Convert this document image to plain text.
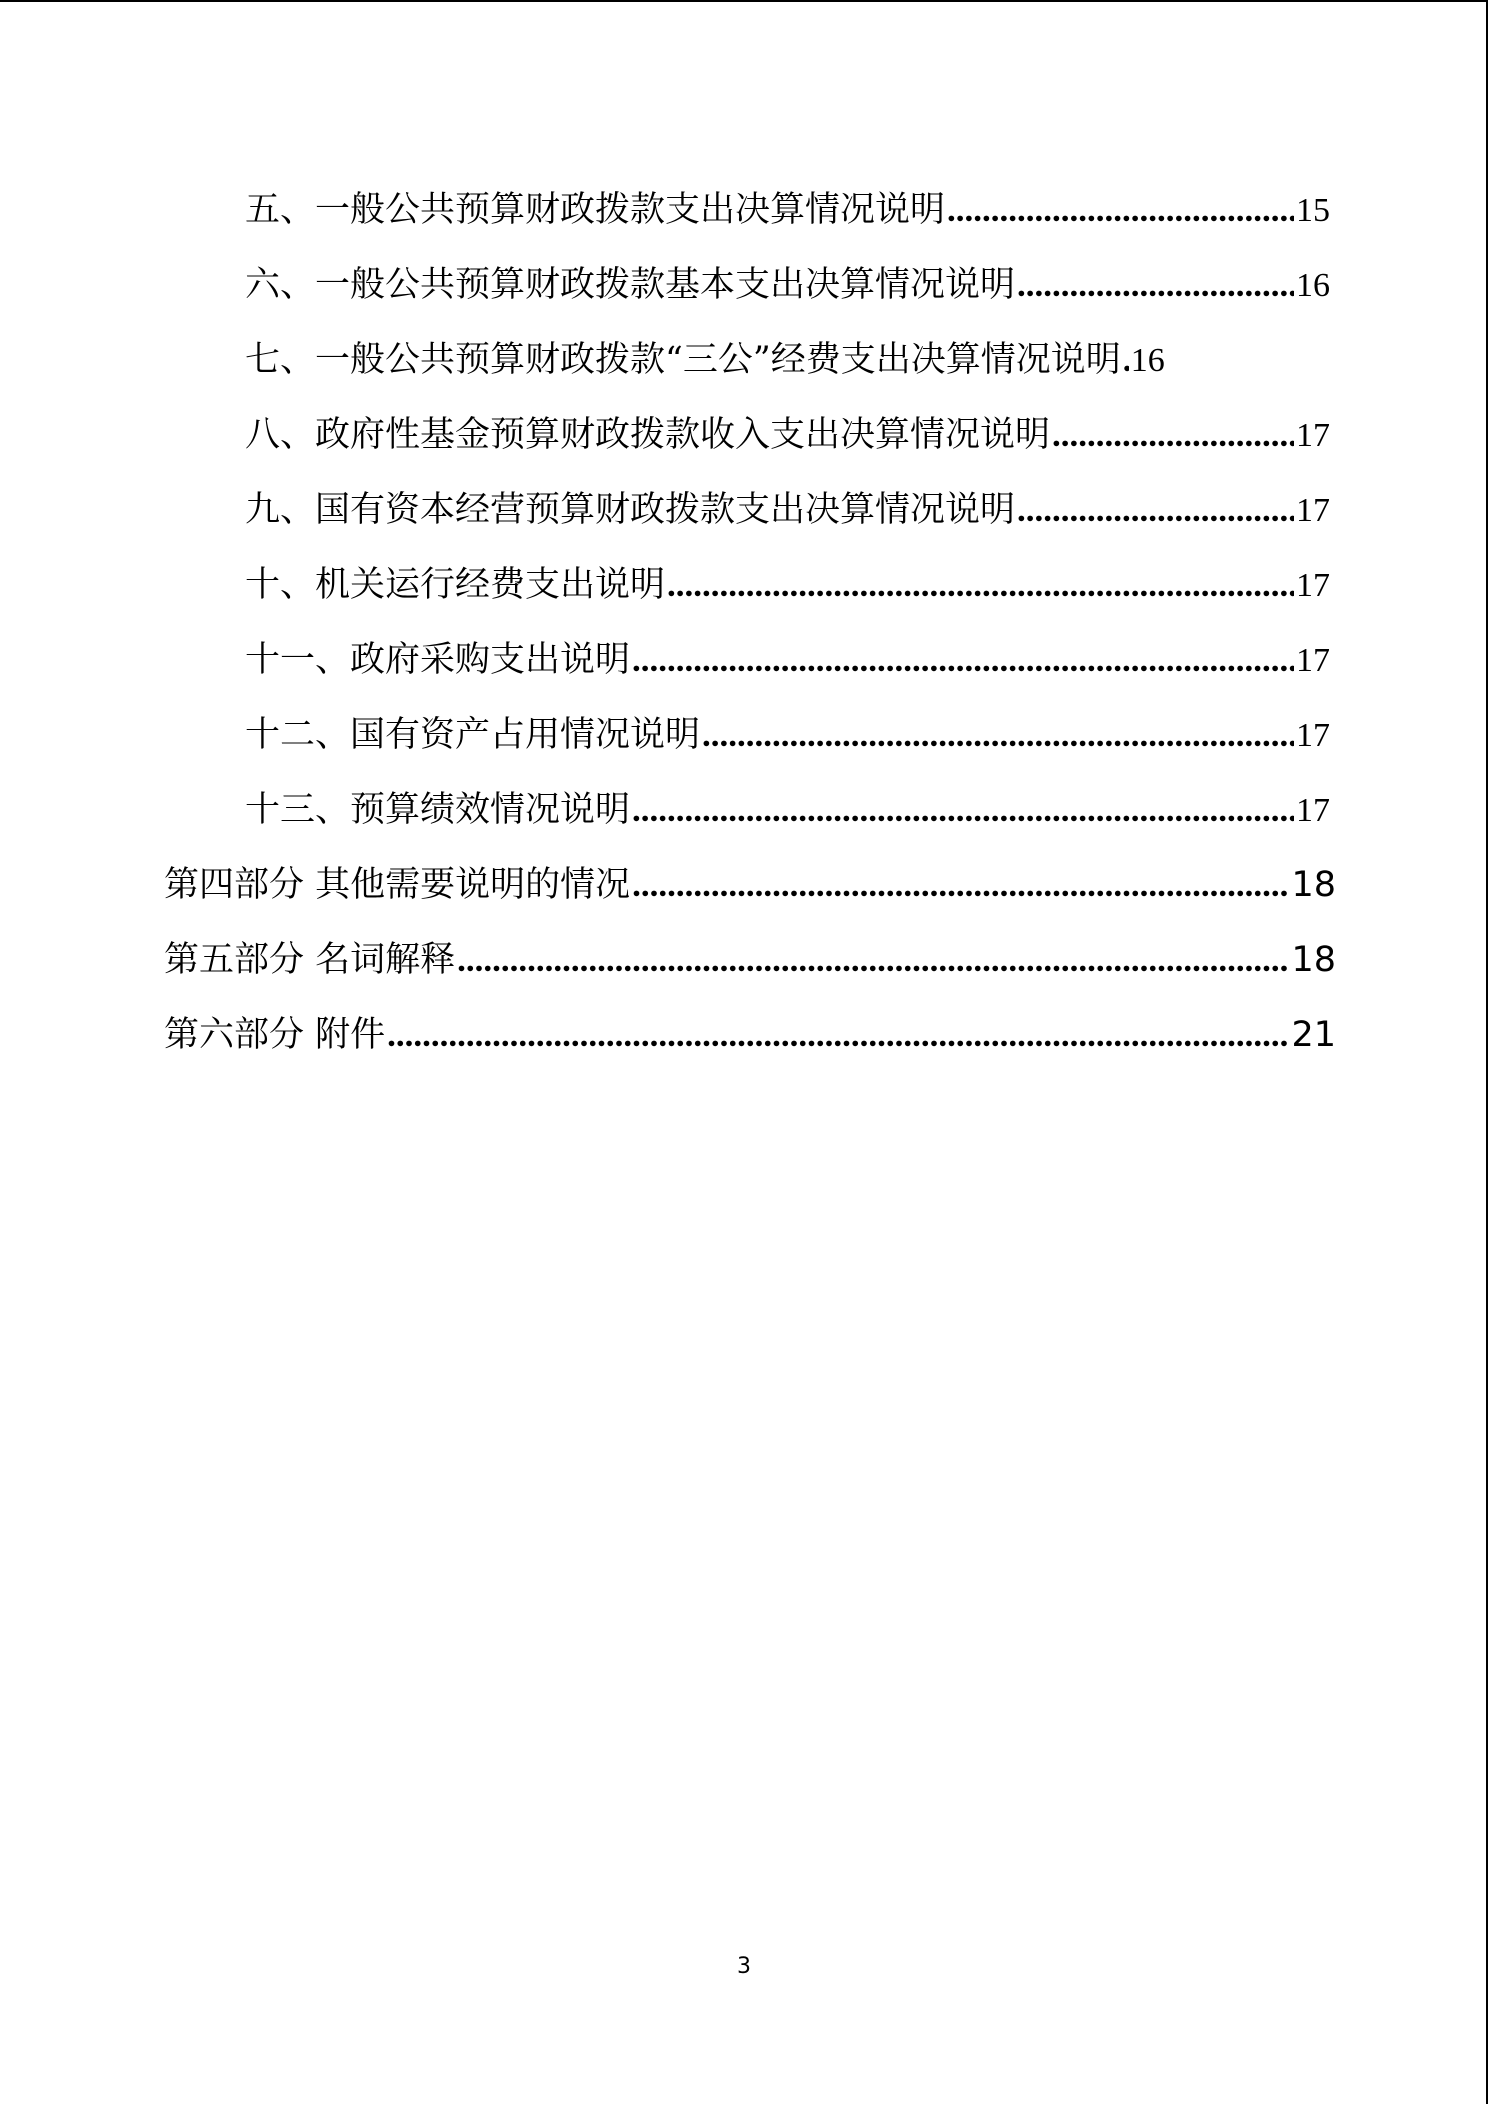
五、一般公共预算财政拨款支出决算情况说明 .....	15
六、一般公共预算财政拨款基本支出决算情况说明 .....	16
七、一般公共预算财政拨款“三公”经费支出决算情况说明 ..... 16
八、政府性基金预算财政拨款收入支出决算情况说明 .....	17
九、国有资本经营预算财政拨款支出决算情况说明 .....	17
十、机关运行经费支出说明 .....	17
十一、政府采购支出说明 .....	17
十二、国有资产占用情况说明 .....	17
十三、预算绩效情况说明 .....	17
第四部分 其他需要说明的情况 .....	18
第五部分 名词解释 .....	18
第六部分 附件 .....	21
3
